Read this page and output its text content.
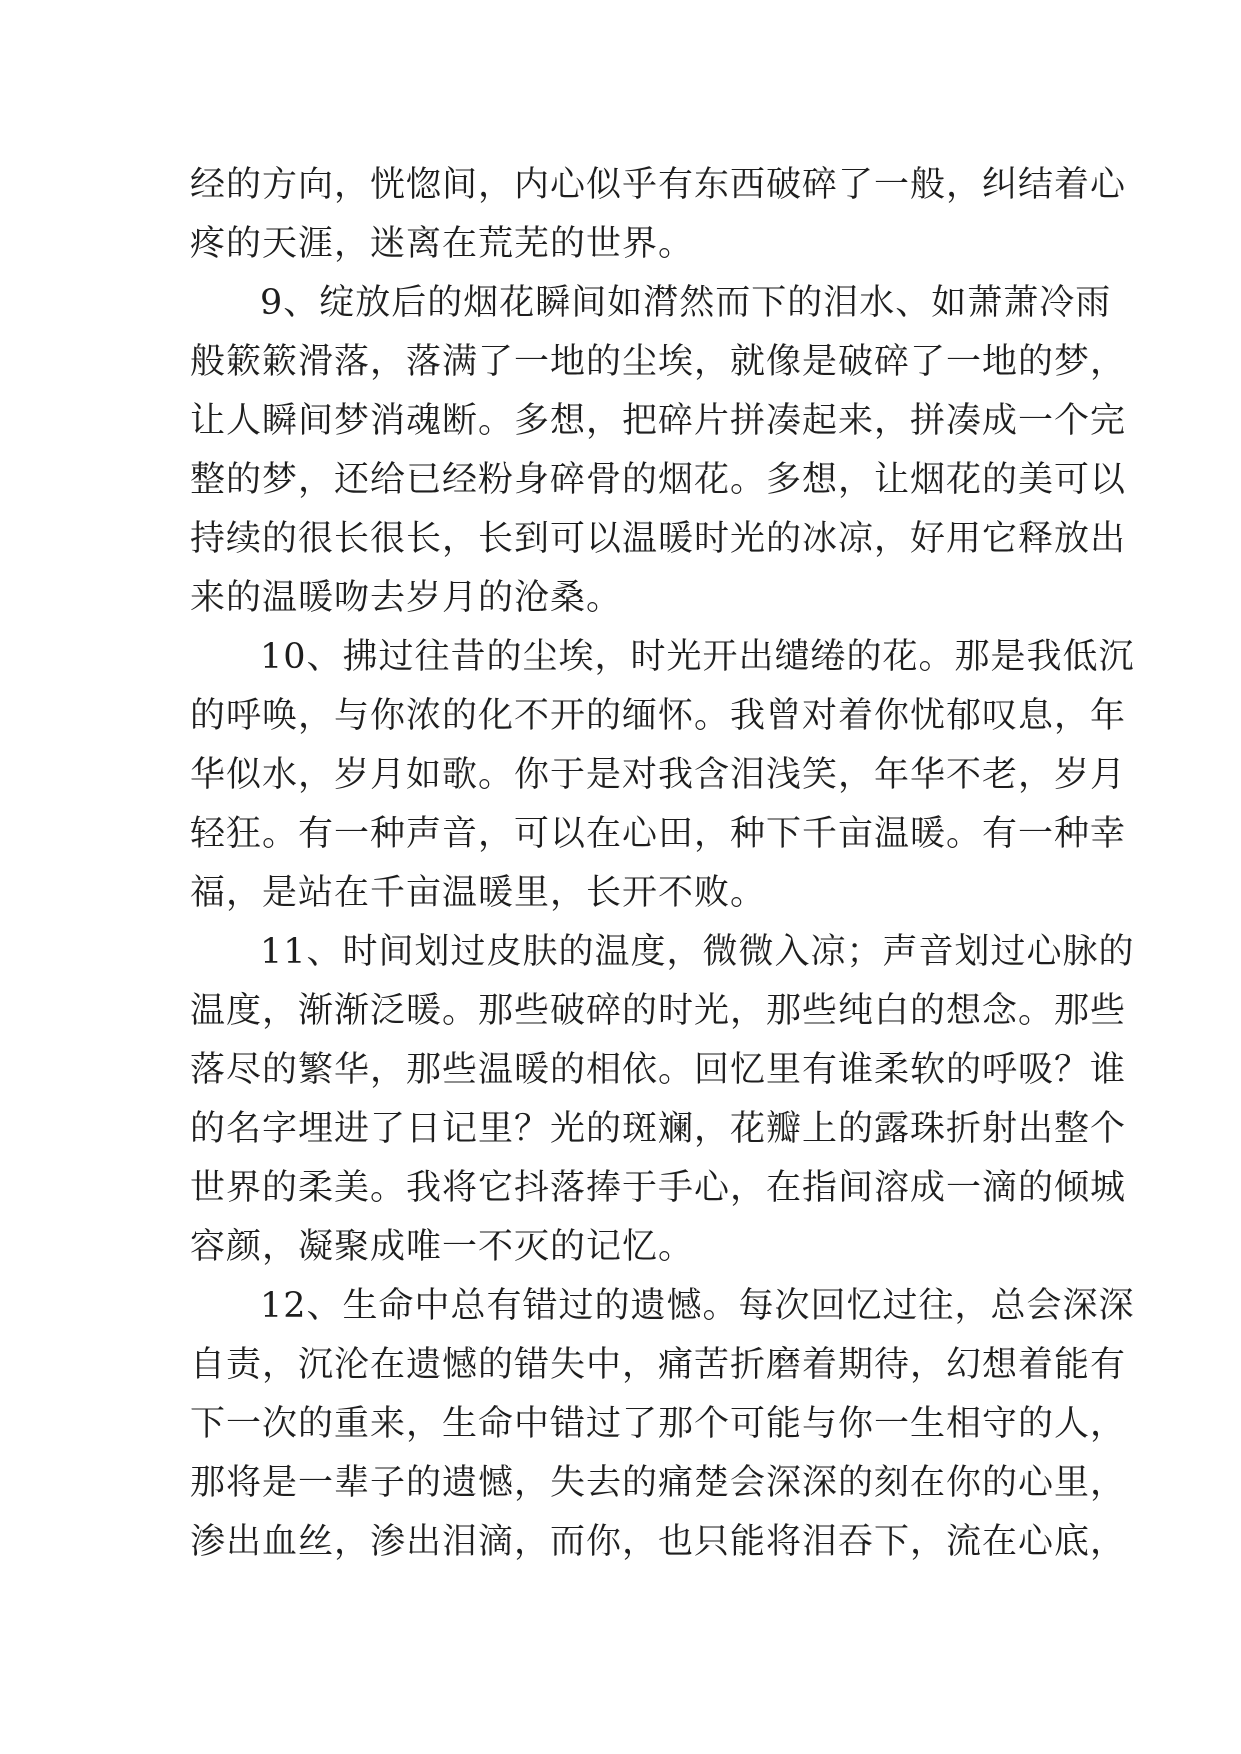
经的方向，恍惚间，内心似乎有东西破碎了一般，纠结着心
疼的天涯，迷离在荒芜的世界。
9、绽放后的烟花瞬间如潸然而下的泪水、如萧萧冷雨
般簌簌滑落，落满了一地的尘埃，就像是破碎了一地的梦，
让人瞬间梦消魂断。多想，把碎片拼凑起来，拼凑成一个完
整的梦，还给已经粉身碎骨的烟花。多想，让烟花的美可以
持续的很长很长，长到可以温暖时光的冰凉，好用它释放出
来的温暖吻去岁月的沧桑。
10、拂过往昔的尘埃，时光开出缱绻的花。那是我低沉
的呼唤，与你浓的化不开的缅怀。我曾对着你忧郁叹息，年
华似水，岁月如歌。你于是对我含泪浅笑，年华不老，岁月
轻狂。有一种声音，可以在心田，种下千亩温暖。有一种幸
福，是站在千亩温暖里，长开不败。
11、时间划过皮肤的温度，微微入凉；声音划过心脉的
温度，渐渐泛暖。那些破碎的时光，那些纯白的想念。那些
落尽的繁华，那些温暖的相依。回忆里有谁柔软的呼吸？谁
的名字埋进了日记里？光的斑斓，花瓣上的露珠折射出整个
世界的柔美。我将它抖落捧于手心，在指间溶成一滴的倾城
容颜，凝聚成唯一不灭的记忆。
12、生命中总有错过的遗憾。每次回忆过往，总会深深
自责，沉沦在遗憾的错失中，痛苦折磨着期待，幻想着能有
下一次的重来，生命中错过了那个可能与你一生相守的人，
那将是一辈子的遗憾，失去的痛楚会深深的刻在你的心里，
渗出血丝，渗出泪滴，而你，也只能将泪吞下，流在心底，
